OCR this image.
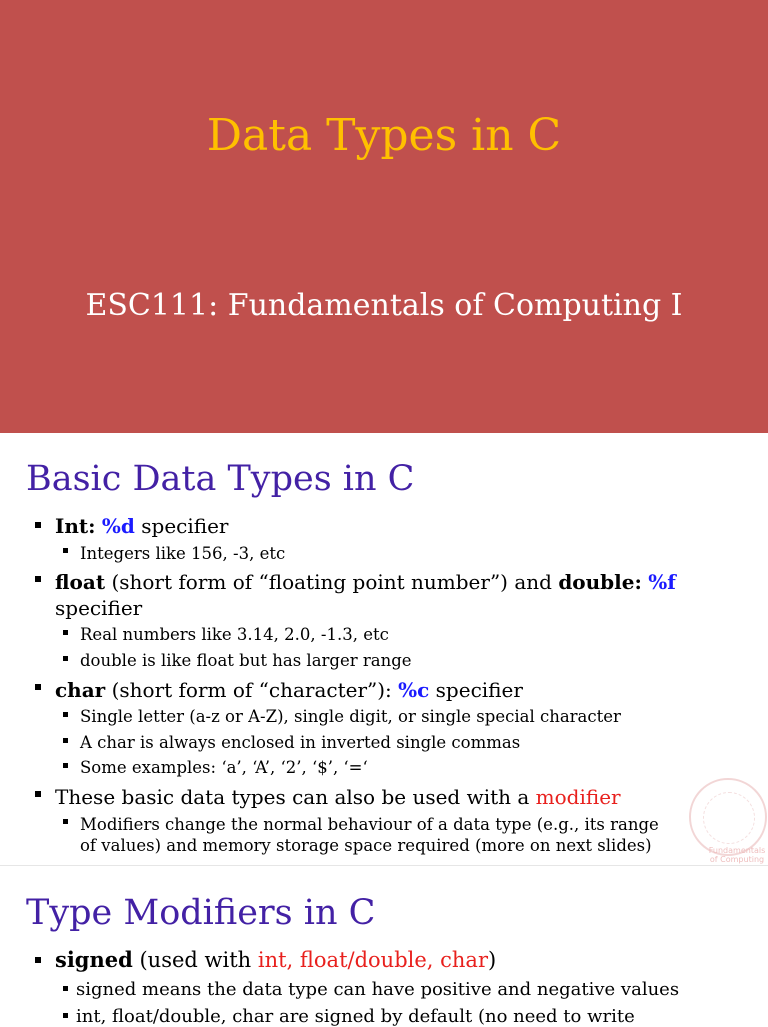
Data Types in C
ESC111: Fundamentals of Computing I
Basic Data Types in C
Int: %d specifier
Integers like 156, -3, etc
float (short form of “floating point number”) and double: %f specifier
Real numbers like 3.14, 2.0, -1.3, etc
double is like float but has larger range
char (short form of “character”): %c specifier
Single letter (a-z or A-Z), single digit, or single special character
A char is always enclosed in inverted single commas
Some examples: ‘a’, ‘A’, ‘2’, ‘$’, ‘=‘
These basic data types can also be used with a modifier
Modifiers change the normal behaviour of a data type (e.g., its range
of values) and memory storage space required (more on next slides)	Fundamentals of Computing
Type Modifiers in C
signed (used with int, float/double, char)
signed means the data type can have positive and negative values
int, float/double, char are signed by default (no need to write
